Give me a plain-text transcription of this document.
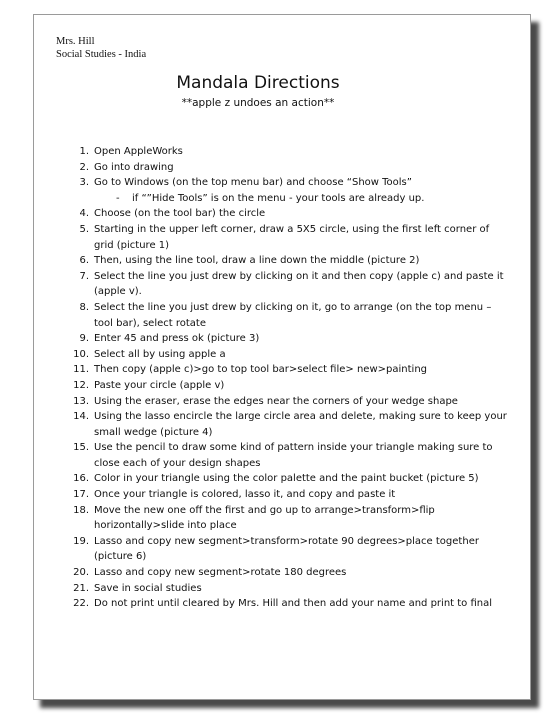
Mrs. Hill
Social Studies - India
Mandala Directions
**apple z undoes an action**
1. Open AppleWorks
2. Go into drawing
3. Go to Windows (on the top menu bar) and choose “Show Tools”
-	if “”Hide Tools” is on the menu - your tools are already up.
4. Choose (on the tool bar) the circle
5. Starting in the upper left corner, draw a 5X5 circle, using the first left corner of grid (picture 1)
6. Then, using the line tool, draw a line down the middle (picture 2)
7. Select the line you just drew by clicking on it and then copy (apple c) and paste it (apple v).
8. Select the line you just drew by clicking on it, go to arrange (on the top menu – tool bar), select rotate
9. Enter 45 and press ok (picture 3)
10. Select all by using apple a
11. Then copy (apple c)>go to top tool bar>select file> new>painting
12. Paste your circle (apple v)
13. Using the eraser, erase the edges near the corners of your wedge shape
14. Using the lasso encircle the large circle area and delete, making sure to keep your small wedge (picture 4)
15. Use the pencil to draw some kind of pattern inside your triangle making sure to close each of your design shapes
16. Color in your triangle using the color palette and the paint bucket (picture 5)
17. Once your triangle is colored, lasso it, and copy and paste it
18. Move the new one off the first and go up to arrange>transform>flip horizontally>slide into place
19. Lasso and copy new segment>transform>rotate 90 degrees>place together (picture 6)
20. Lasso and copy new segment>rotate 180 degrees
21. Save in social studies
22. Do not print until cleared by Mrs. Hill and then add your name and print to final
